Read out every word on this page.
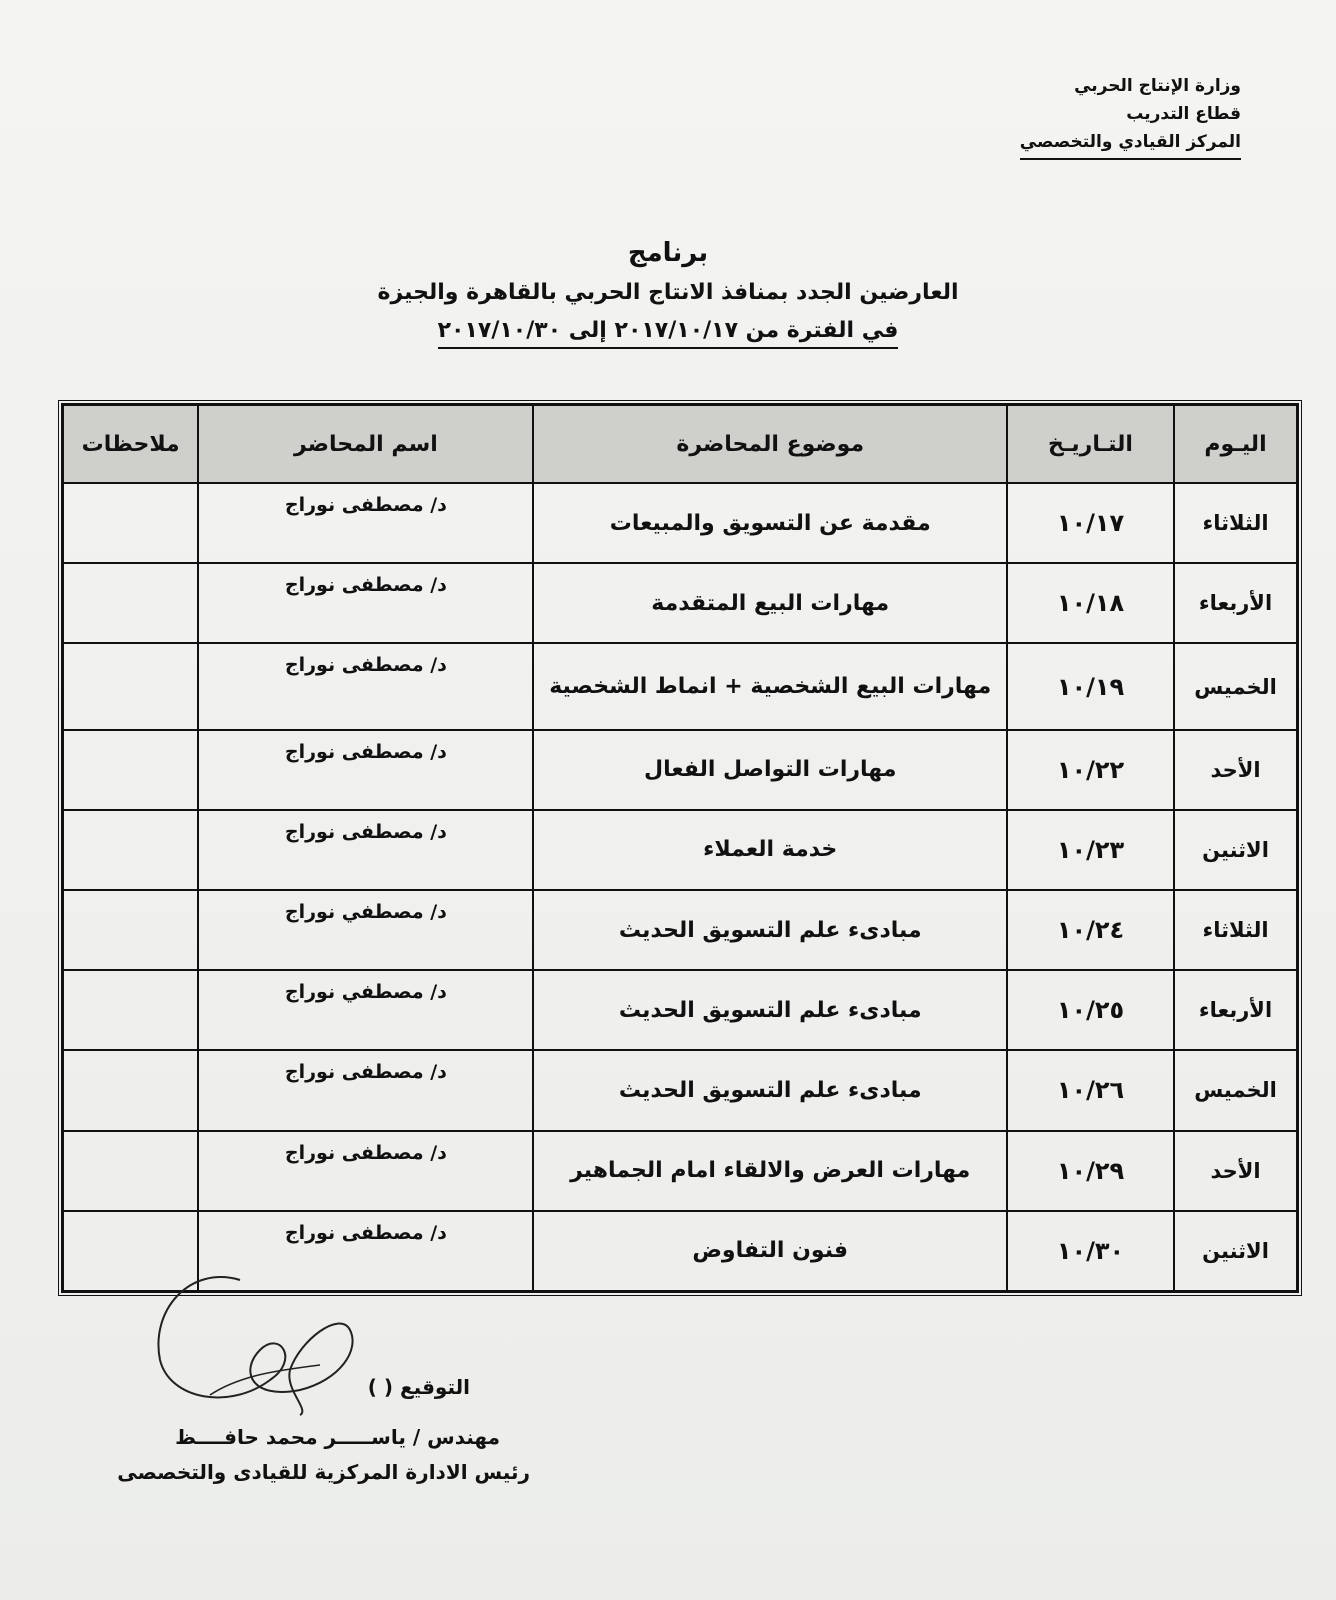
وزارة الإنتاج الحربي
قطاع التدريب
المركز القيادي والتخصصي
برنامج
العارضين الجدد بمنافذ الانتاج الحربي بالقاهرة والجيزة
في الفترة من ٢٠١٧/١٠/١٧ إلى ٢٠١٧/١٠/٣٠
اليـوم	التـاريـخ	موضوع المحاضرة	اسم المحاضر	ملاحظات
الثلاثاء	١٠/١٧	مقدمة عن التسويق والمبيعات	د/ مصطفى نوراج	
الأربعاء	١٠/١٨	مهارات البيع المتقدمة	د/ مصطفى نوراج	
الخميس	١٠/١٩	مهارات البيع الشخصية + انماط الشخصية	د/ مصطفى نوراج	
الأحد	١٠/٢٢	مهارات التواصل الفعال	د/ مصطفى نوراج	
الاثنين	١٠/٢٣	خدمة العملاء	د/ مصطفى نوراج	
الثلاثاء	١٠/٢٤	مبادىء علم التسويق الحديث	د/ مصطفي نوراج	
الأربعاء	١٠/٢٥	مبادىء علم التسويق الحديث	د/ مصطفي نوراج	
الخميس	١٠/٢٦	مبادىء علم التسويق الحديث	د/ مصطفى نوراج	
الأحد	١٠/٢٩	مهارات العرض والالقاء امام الجماهير	د/ مصطفى نوراج	
الاثنين	١٠/٣٠	فنون التفاوض	د/ مصطفى نوراج	
التوقيع ( )
مهندس / ياســـــر محمد حافــــظ
رئيس الادارة المركزية للقيادى والتخصصى
